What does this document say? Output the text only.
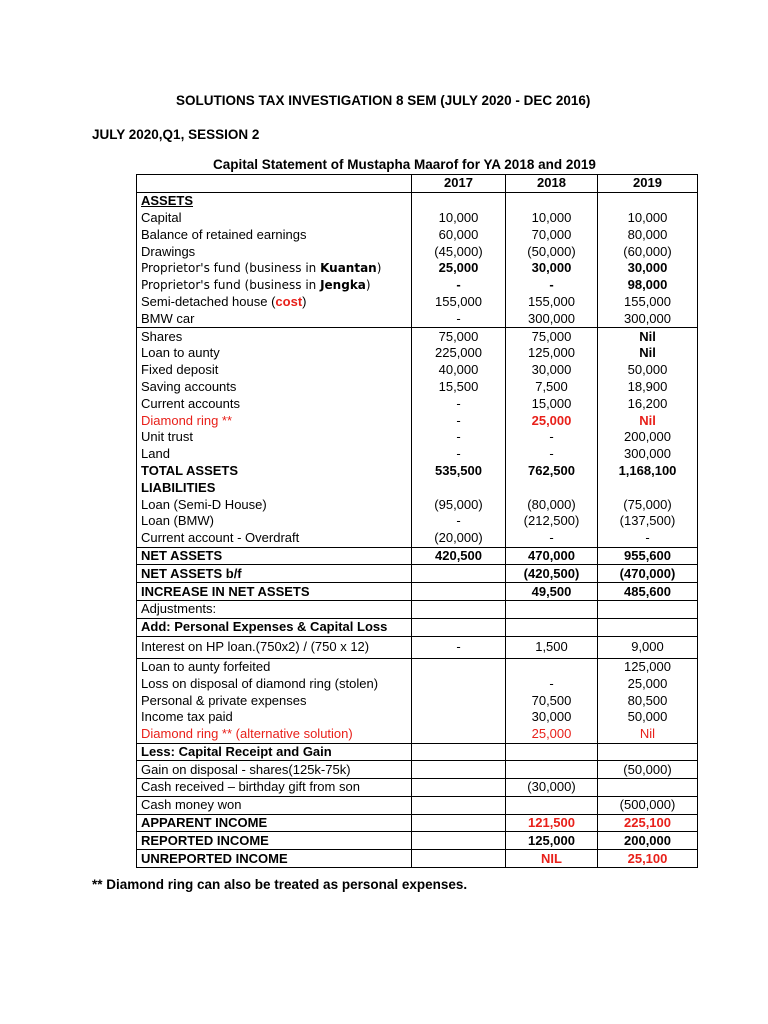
SOLUTIONS TAX INVESTIGATION 8 SEM (JULY 2020 - DEC 2016)
JULY 2020,Q1, SESSION 2
Capital Statement of Mustapha Maarof for YA 2018 and 2019
	2017	2018	2019
ASSETS			
Capital	10,000	10,000	10,000
Balance of retained earnings	60,000	70,000	80,000
Drawings	(45,000)	(50,000)	(60,000)
Proprietor's fund (business in Kuantan)	25,000	30,000	30,000
Proprietor's fund (business in Jengka)	-	-	98,000
Semi-detached house (cost)	155,000	155,000	155,000
BMW car	-	300,000	300,000
Shares	75,000	75,000	Nil
Loan to aunty	225,000	125,000	Nil
Fixed deposit	40,000	30,000	50,000
Saving accounts	15,500	7,500	18,900
Current accounts	-	15,000	16,200
Diamond ring **	-	25,000	Nil
Unit trust	-	-	200,000
Land	-	-	300,000
TOTAL ASSETS	535,500	762,500	1,168,100
LIABILITIES			
Loan (Semi-D House)	(95,000)	(80,000)	(75,000)
Loan (BMW)	-	(212,500)	(137,500)
Current account - Overdraft	(20,000)	-	-
NET ASSETS	420,500	470,000	955,600
NET ASSETS b/f		(420,500)	(470,000)
INCREASE IN NET ASSETS		49,500	485,600
Adjustments:			
Add: Personal Expenses & Capital Loss			
Interest on HP loan.(750x2) / (750 x 12)	-	1,500	9,000
Loan to aunty forfeited			125,000
Loss on disposal of diamond ring (stolen)		-	25,000
Personal & private expenses		70,500	80,500
Income tax paid		30,000	50,000
Diamond ring ** (alternative solution)		25,000	Nil
Less: Capital Receipt and Gain			
Gain on disposal - shares(125k-75k)			(50,000)
Cash received – birthday gift from son		(30,000)	
Cash money won			(500,000)
APPARENT INCOME		121,500	225,100
REPORTED INCOME		125,000	200,000
UNREPORTED INCOME		NIL	25,100
** Diamond ring can also be treated as personal expenses.
